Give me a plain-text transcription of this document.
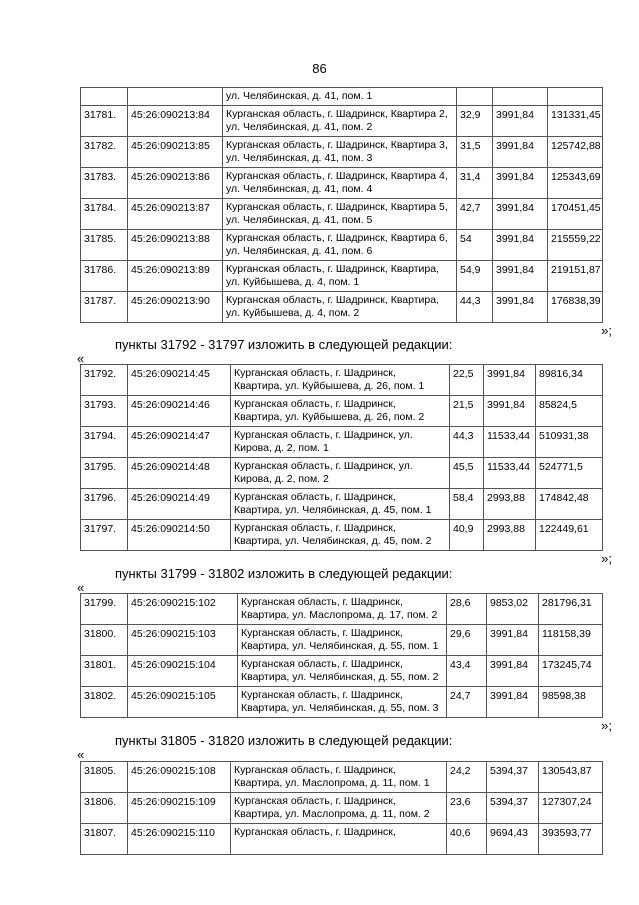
86
		ул. Челябинская, д. 41, пом. 1			
31781.	45:26:090213:84	Курганская область, г. Шадринск, Квартира 2, ул. Челябинская, д. 41, пом. 2	32,9	3991,84	131331,45
31782.	45:26:090213:85	Курганская область, г. Шадринск, Квартира 3, ул. Челябинская, д. 41, пом. 3	31,5	3991,84	125742,88
31783.	45:26:090213:86	Курганская область, г. Шадринск, Квартира 4, ул. Челябинская, д. 41, пом. 4	31,4	3991,84	125343,69
31784.	45:26:090213:87	Курганская область, г. Шадринск, Квартира 5, ул. Челябинская, д. 41, пом. 5	42,7	3991,84	170451,45
31785.	45:26:090213:88	Курганская область, г. Шадринск, Квартира 6, ул. Челябинская, д. 41, пом. 6	54	3991,84	215559,22
31786.	45:26:090213:89	Курганская область, г. Шадринск, Квартира, ул. Куйбышева, д. 4, пом. 1	54,9	3991,84	219151,87
31787.	45:26:090213:90	Курганская область, г. Шадринск, Квартира, ул. Куйбышева, д. 4, пом. 2	44,3	3991,84	176838,39
»;
пункты 31792 - 31797 изложить в следующей редакции:
«
31792.	45:26:090214:45	Курганская область, г. Шадринск, Квартира, ул. Куйбышева, д. 26, пом. 1	22,5	3991,84	89816,34
31793.	45:26:090214:46	Курганская область, г. Шадринск, Квартира, ул. Куйбышева, д. 26, пом. 2	21,5	3991,84	85824,5
31794.	45:26:090214:47	Курганская область, г. Шадринск, ул. Кирова, д. 2, пом. 1	44,3	11533,44	510931,38
31795.	45:26:090214:48	Курганская область, г. Шадринск, ул. Кирова, д. 2, пом. 2	45,5	11533,44	524771,5
31796.	45:26:090214:49	Курганская область, г. Шадринск, Квартира, ул. Челябинская, д. 45, пом. 1	58,4	2993,88	174842,48
31797.	45:26:090214:50	Курганская область, г. Шадринск, Квартира, ул. Челябинская, д. 45, пом. 2	40,9	2993,88	122449,61
»;
пункты 31799 - 31802 изложить в следующей редакции:
«
31799.	45:26:090215:102	Курганская область, г. Шадринск, Квартира, ул. Маслопрома, д. 17, пом. 2	28,6	9853,02	281796,31
31800.	45:26:090215:103	Курганская область, г. Шадринск, Квартира, ул. Челябинская, д. 55, пом. 1	29,6	3991,84	118158,39
31801.	45:26:090215:104	Курганская область, г. Шадринск, Квартира, ул. Челябинская, д. 55, пом. 2	43,4	3991,84	173245,74
31802.	45:26:090215:105	Курганская область, г. Шадринск, Квартира, ул. Челябинская, д. 55, пом. 3	24,7	3991,84	98598,38
»;
пункты 31805 - 31820 изложить в следующей редакции:
«
31805.	45:26:090215:108	Курганская область, г. Шадринск, Квартира, ул. Маслопрома, д. 11, пом. 1	24,2	5394,37	130543,87
31806.	45:26:090215:109	Курганская область, г. Шадринск, Квартира, ул. Маслопрома, д. 11, пом. 2	23,6	5394,37	127307,24
31807.	45:26:090215:110	Курганская область, г. Шадринск,	40,6	9694,43	393593,77
